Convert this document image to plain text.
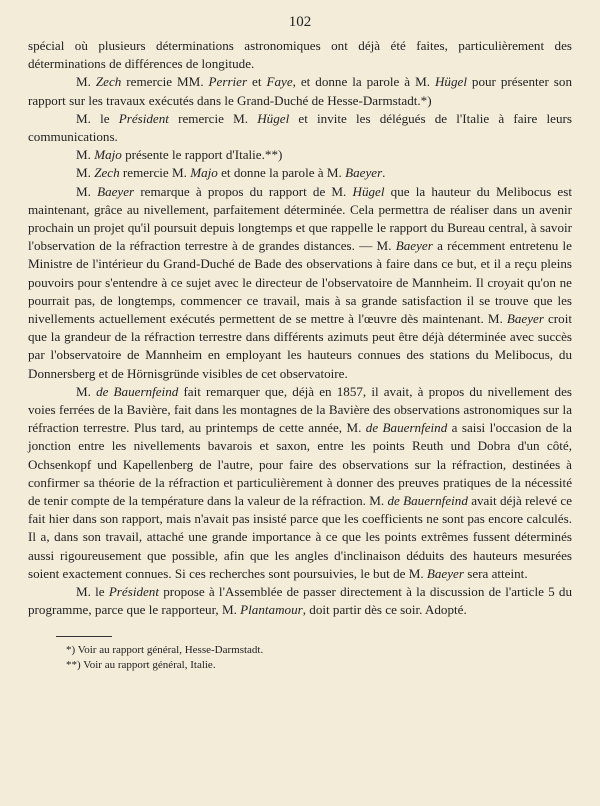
102

spécial où plusieurs déterminations astronomiques ont déjà été faites, particulièrement des déterminations de différences de longitude.

M. Zech remercie MM. Perrier et Faye, et donne la parole à M. Hügel pour présenter son rapport sur les travaux exécutés dans le Grand-Duché de Hesse-Darmstadt.*)

M. le Président remercie M. Hügel et invite les délégués de l'Italie à faire leurs communications.

M. Majo présente le rapport d'Italie.**)

M. Zech remercie M. Majo et donne la parole à M. Baeyer.

M. Baeyer remarque à propos du rapport de M. Hügel que la hauteur du Melibocus est maintenant, grâce au nivellement, parfaitement déterminée. Cela permettra de réaliser dans un avenir prochain un projet qu'il poursuit depuis longtemps et que rappelle le rapport du Bureau central, à savoir l'observation de la réfraction terrestre à de grandes distances. — M. Baeyer a récemment entretenu le Ministre de l'intérieur du Grand-Duché de Bade des observations à faire dans ce but, et il a reçu pleins pouvoirs pour s'entendre à ce sujet avec le directeur de l'observatoire de Mannheim. Il croyait qu'on ne pourrait pas, de longtemps, commencer ce travail, mais à sa grande satisfaction il se trouve que les nivellements actuellement exécutés permettent de se mettre à l'œuvre dès maintenant. M. Baeyer croit que la grandeur de la réfraction terrestre dans différents azimuts peut être déjà déterminée avec succès par l'observatoire de Mannheim en employant les hauteurs connues des stations du Melibocus, du Donnersberg et de Hörnisgründe visibles de cet observatoire.

M. de Bauernfeind fait remarquer que, déjà en 1857, il avait, à propos du nivellement des voies ferrées de la Bavière, fait dans les montagnes de la Bavière des observations astronomiques sur la réfraction terrestre. Plus tard, au printemps de cette année, M. de Bauernfeind a saisi l'occasion de la jonction entre les nivellements bavarois et saxon, entre les points Reuth und Dobra d'un côté, Ochsenkopf und Kapellenberg de l'autre, pour faire des observations sur la réfraction, destinées à confirmer sa théorie de la réfraction et particulièrement à donner des preuves pratiques de la nécessité de tenir compte de la température dans la valeur de la réfraction. M. de Bauernfeind avait déjà relevé ce fait hier dans son rapport, mais n'avait pas insisté parce que les coefficients ne sont pas encore calculés. Il a, dans son travail, attaché une grande importance à ce que les points extrêmes fussent déterminés aussi rigoureusement que possible, afin que les angles d'inclinaison déduits des hauteurs mesurées soient exactement connues. Si ces recherches sont poursuivies, le but de M. Baeyer sera atteint.

M. le Président propose à l'Assemblée de passer directement à la discussion de l'article 5 du programme, parce que le rapporteur, M. Plantamour, doit partir dès ce soir. Adopté.

*) Voir au rapport général, Hesse-Darmstadt.

**) Voir au rapport général, Italie.
